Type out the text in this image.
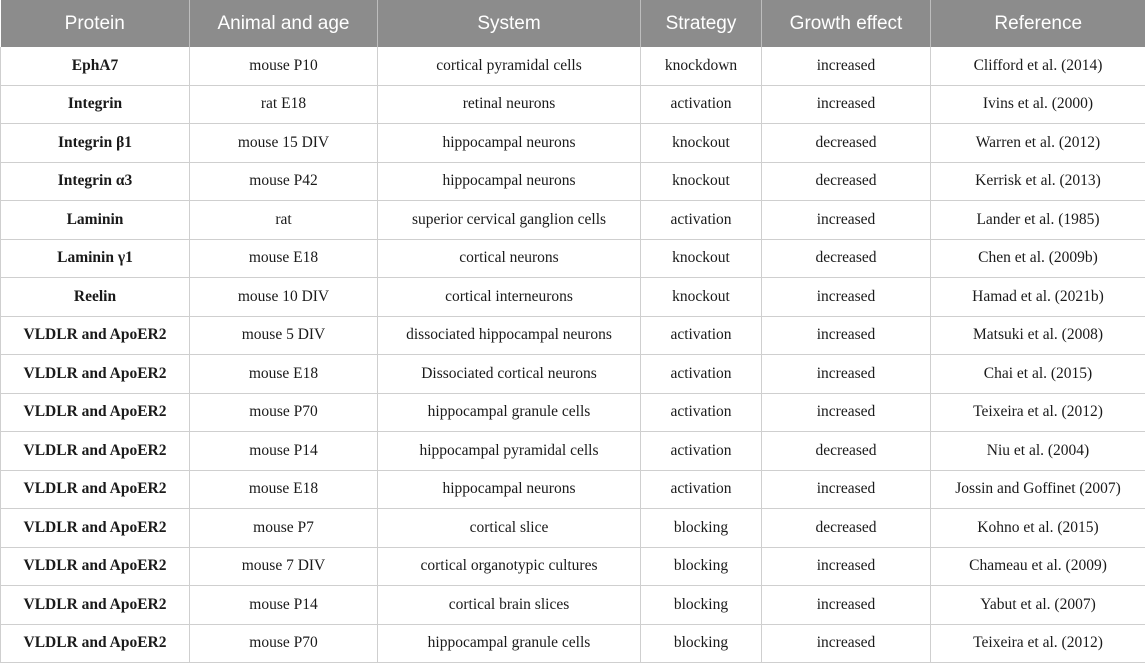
Protein	Animal and age	System	Strategy	Growth effect	Reference
EphA7	mouse P10	cortical pyramidal cells	knockdown	increased	Clifford et al. (2014)
Integrin	rat E18	retinal neurons	activation	increased	Ivins et al. (2000)
Integrin β1	mouse 15 DIV	hippocampal neurons	knockout	decreased	Warren et al. (2012)
Integrin α3	mouse P42	hippocampal neurons	knockout	decreased	Kerrisk et al. (2013)
Laminin	rat	superior cervical ganglion cells	activation	increased	Lander et al. (1985)
Laminin γ1	mouse E18	cortical neurons	knockout	decreased	Chen et al. (2009b)
Reelin	mouse 10 DIV	cortical interneurons	knockout	increased	Hamad et al. (2021b)
VLDLR and ApoER2	mouse 5 DIV	dissociated hippocampal neurons	activation	increased	Matsuki et al. (2008)
VLDLR and ApoER2	mouse E18	Dissociated cortical neurons	activation	increased	Chai et al. (2015)
VLDLR and ApoER2	mouse P70	hippocampal granule cells	activation	increased	Teixeira et al. (2012)
VLDLR and ApoER2	mouse P14	hippocampal pyramidal cells	activation	decreased	Niu et al. (2004)
VLDLR and ApoER2	mouse E18	hippocampal neurons	activation	increased	Jossin and Goffinet (2007)
VLDLR and ApoER2	mouse P7	cortical slice	blocking	decreased	Kohno et al. (2015)
VLDLR and ApoER2	mouse 7 DIV	cortical organotypic cultures	blocking	increased	Chameau et al. (2009)
VLDLR and ApoER2	mouse P14	cortical brain slices	blocking	increased	Yabut et al. (2007)
VLDLR and ApoER2	mouse P70	hippocampal granule cells	blocking	increased	Teixeira et al. (2012)
